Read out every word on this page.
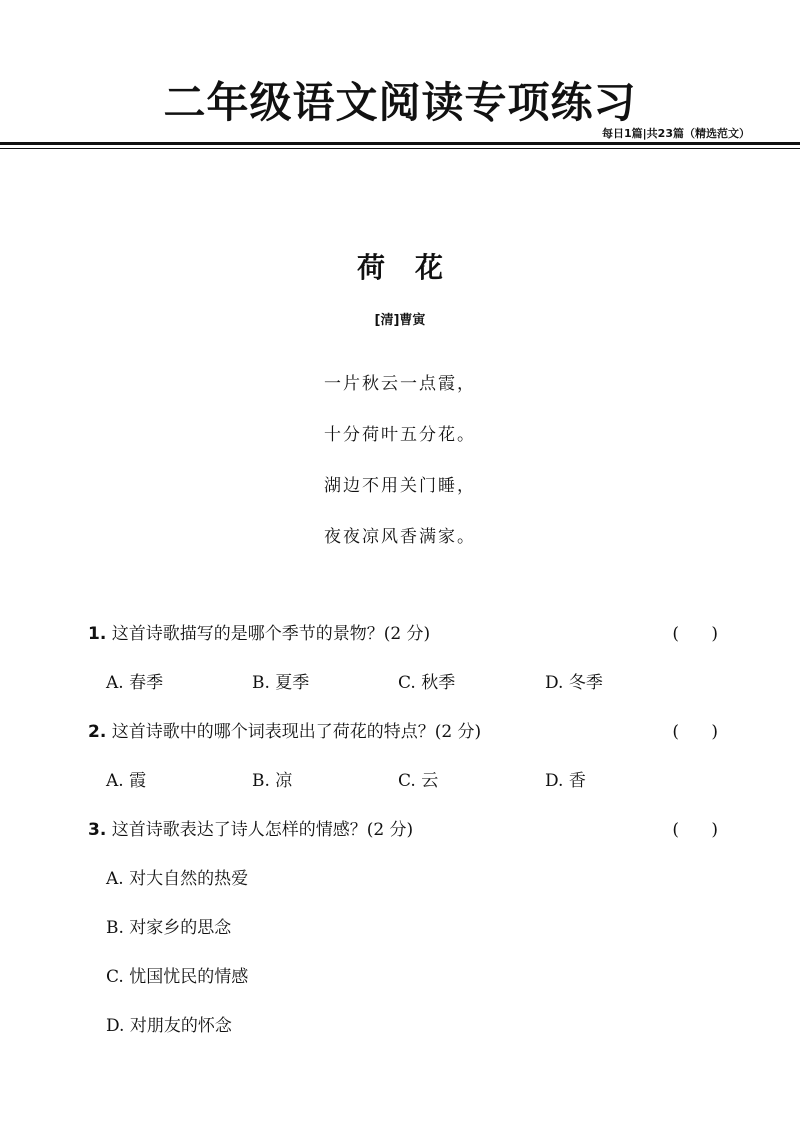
二年级语文阅读专项练习
每日1篇|共23篇（精选范文）
荷花
[清]曹寅
一片秋云一点霞，
十分荷叶五分花。
湖边不用关门睡，
夜夜凉风香满家。
1. 这首诗歌描写的是哪个季节的景物？(2 分)	(      )
A. 春季	B. 夏季	C. 秋季	D. 冬季
2. 这首诗歌中的哪个词表现出了荷花的特点？(2 分)	(      )
A. 霞	B. 凉	C. 云	D. 香
3. 这首诗歌表达了诗人怎样的情感？(2 分)	(      )
A. 对大自然的热爱
B. 对家乡的思念
C. 忧国忧民的情感
D. 对朋友的怀念
